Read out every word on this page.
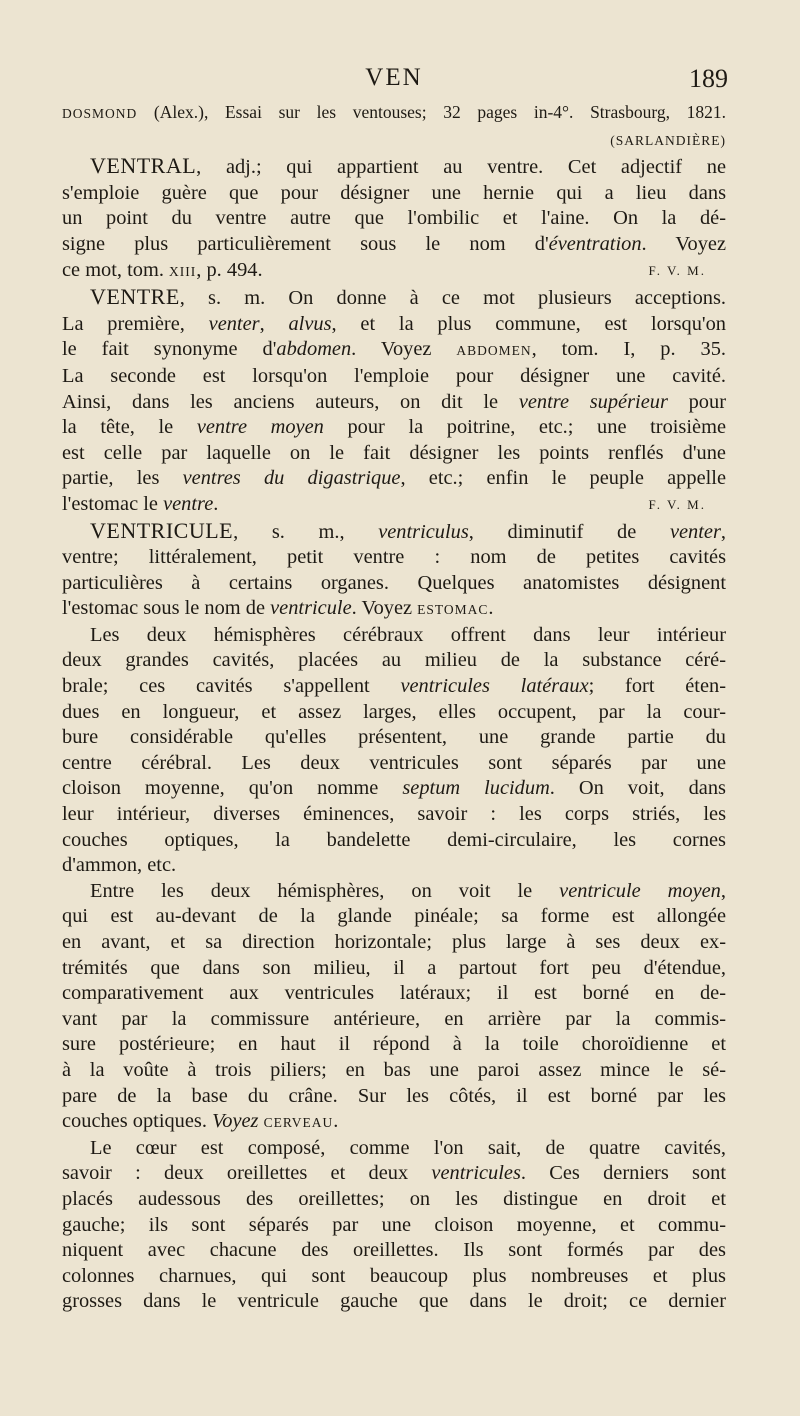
VEN	189
DOSMOND (Alex.), Essai sur les ventouses; 32 pages in-4°. Strasbourg, 1821.
(SARLANDIÈRE)
VENTRAL, adj.; qui appartient au ventre. Cet adjectif ne
s'emploie guère que pour désigner une hernie qui a lieu dans
un point du ventre autre que l'ombilic et l'aine. On la dé-
signe plus particulièrement sous le nom d'éventration. Voyez
ce mot, tom. XIII, p. 494.	F. V. M.
VENTRE, s. m. On donne à ce mot plusieurs acceptions.
La première, venter, alvus, et la plus commune, est lorsqu'on
le fait synonyme d'abdomen. Voyez ABDOMEN, tom. I, p. 35.
La seconde est lorsqu'on l'emploie pour désigner une cavité.
Ainsi, dans les anciens auteurs, on dit le ventre supérieur pour
la tête, le ventre moyen pour la poitrine, etc.; une troisième
est celle par laquelle on le fait désigner les points renflés d'une
partie, les ventres du digastrique, etc.; enfin le peuple appelle
l'estomac le ventre.	F. V. M.
VENTRICULE, s. m., ventriculus, diminutif de venter,
ventre; littéralement, petit ventre : nom de petites cavités
particulières à certains organes. Quelques anatomistes désignent
l'estomac sous le nom de ventricule. Voyez ESTOMAC.
Les deux hémisphères cérébraux offrent dans leur intérieur
deux grandes cavités, placées au milieu de la substance céré-
brale; ces cavités s'appellent ventricules latéraux; fort éten-
dues en longueur, et assez larges, elles occupent, par la cour-
bure considérable qu'elles présentent, une grande partie du
centre cérébral. Les deux ventricules sont séparés par une
cloison moyenne, qu'on nomme septum lucidum. On voit, dans
leur intérieur, diverses éminences, savoir : les corps striés, les
couches optiques, la bandelette demi-circulaire, les cornes
d'ammon, etc.
Entre les deux hémisphères, on voit le ventricule moyen,
qui est au-devant de la glande pinéale; sa forme est allongée
en avant, et sa direction horizontale; plus large à ses deux ex-
trémités que dans son milieu, il a partout fort peu d'étendue,
comparativement aux ventricules latéraux; il est borné en de-
vant par la commissure antérieure, en arrière par la commis-
sure postérieure; en haut il répond à la toile choroïdienne et
à la voûte à trois piliers; en bas une paroi assez mince le sé-
pare de la base du crâne. Sur les côtés, il est borné par les
couches optiques. Voyez CERVEAU.
Le cœur est composé, comme l'on sait, de quatre cavités,
savoir : deux oreillettes et deux ventricules. Ces derniers sont
placés audessous des oreillettes; on les distingue en droit et
gauche; ils sont séparés par une cloison moyenne, et commu-
niquent avec chacune des oreillettes. Ils sont formés par des
colonnes charnues, qui sont beaucoup plus nombreuses et plus
grosses dans le ventricule gauche que dans le droit; ce dernier
